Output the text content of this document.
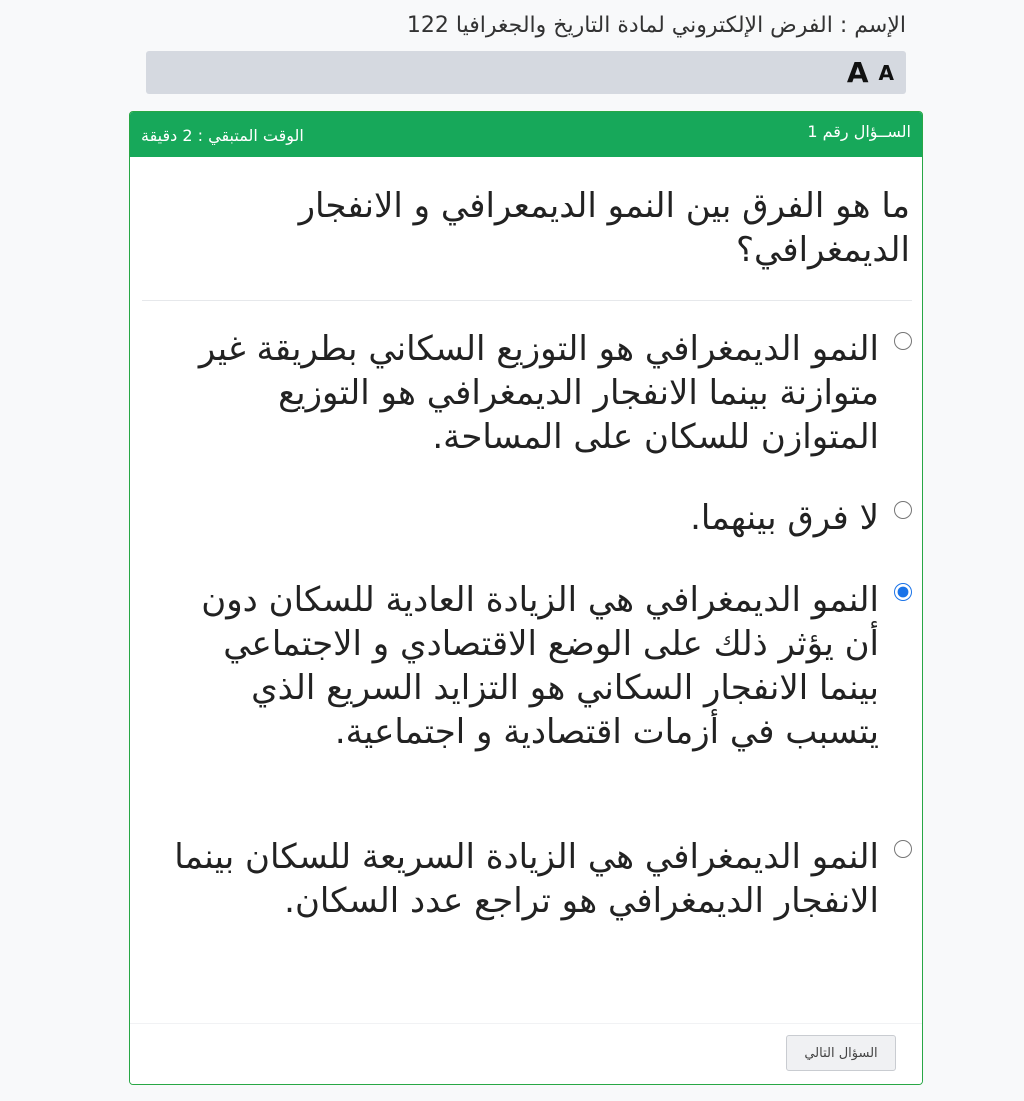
الإسم : الفرض الإلكتروني لمادة التاريخ والجغرافيا 122
A
A
الســؤال رقم 1
الوقت المتبقي : 2 دقيقة
ما هو الفرق بين النمو الديمعرافي و الانفجار الديمغرافي؟
النمو الديمغرافي هو التوزيع السكاني بطريقة غير متوازنة بينما الانفجار الديمغرافي هو التوزيع المتوازن للسكان على المساحة.
لا فرق بينهما.
النمو الديمغرافي هي الزيادة العادية للسكان دون أن يؤثر ذلك على الوضع الاقتصادي و الاجتماعي بينما الانفجار السكاني هو التزايد السريع الذي يتسبب في أزمات اقتصادية و اجتماعية.
النمو الديمغرافي هي الزيادة السريعة للسكان بينما الانفجار الديمغرافي هو تراجع عدد السكان.
السؤال التالي
